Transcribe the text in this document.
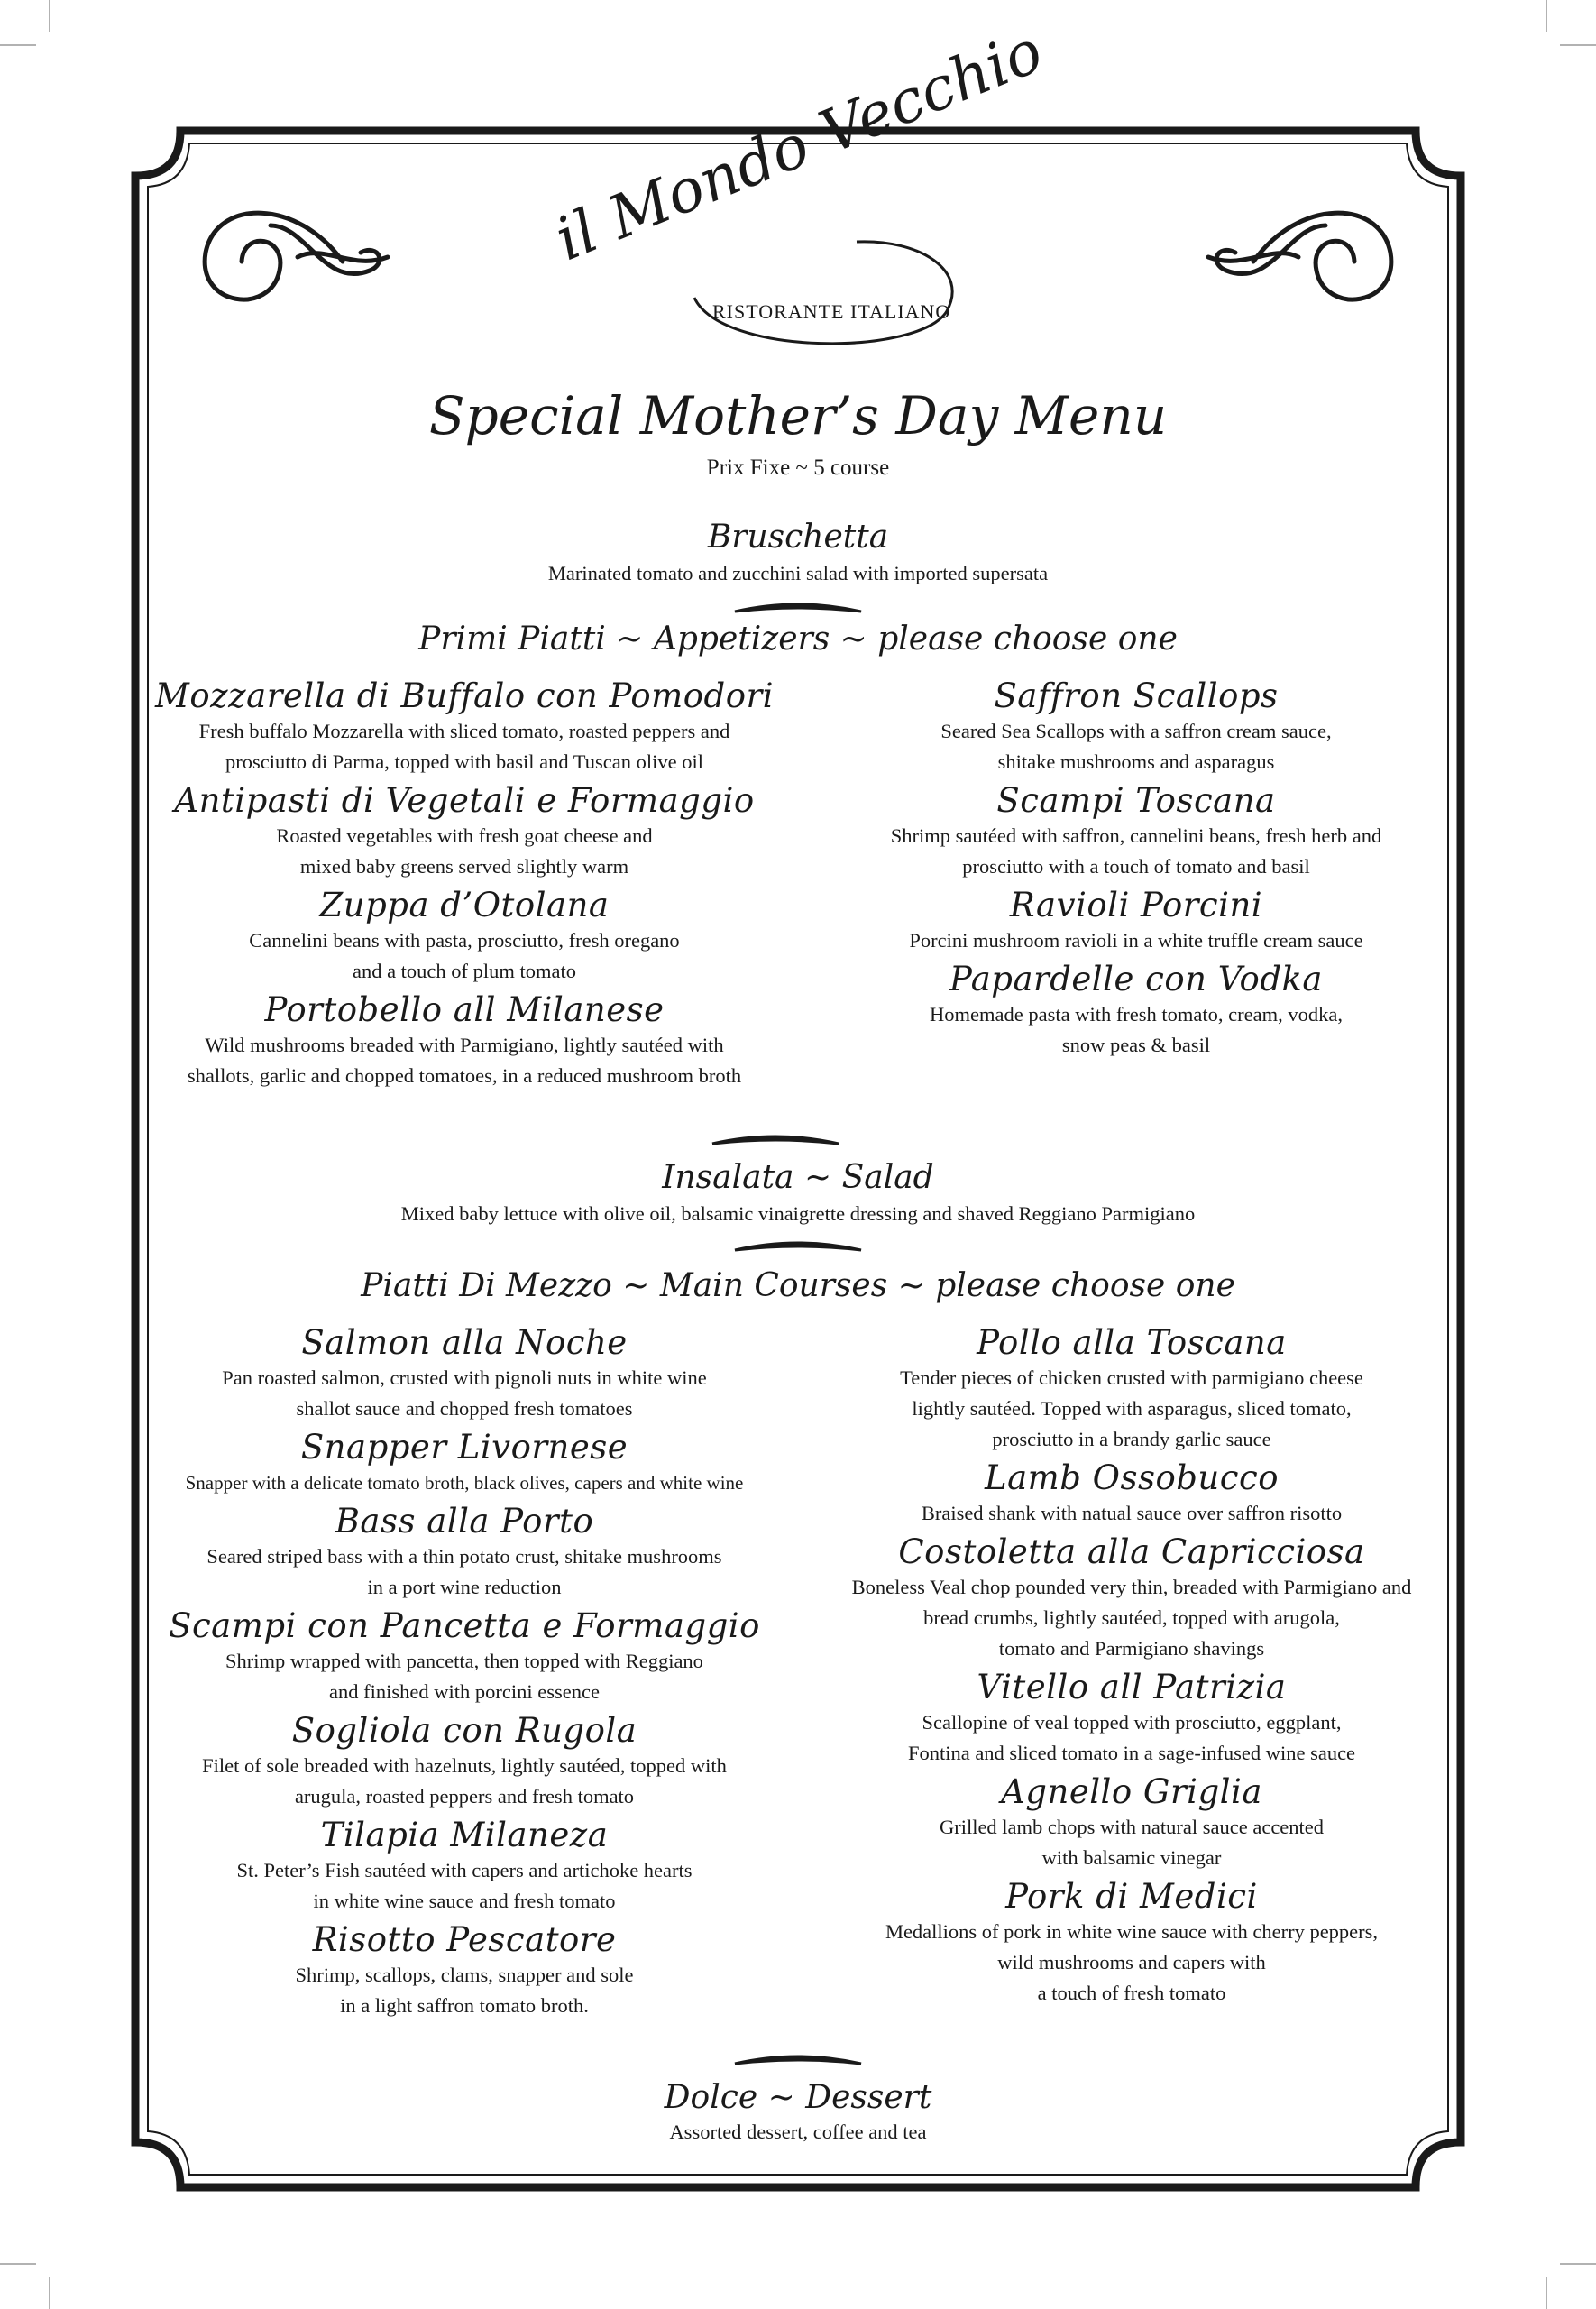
il Mondo Vecchio
RISTORANTE ITALIANO
Special Mother’s Day Menu
Prix Fixe ~ 5 course
Bruschetta
Marinated tomato and zucchini salad with imported supersata
Primi Piatti ~ Appetizers ~ please choose one
Mozzarella di Buffalo con Pomodori
Fresh buffalo Mozzarella with sliced tomato, roasted peppers and
prosciutto di Parma, topped with basil and Tuscan olive oil
Antipasti di Vegetali e Formaggio
Roasted vegetables with fresh goat cheese and
mixed baby greens served slightly warm
Zuppa d’Otolana
Cannelini beans with pasta, prosciutto, fresh oregano
and a touch of plum tomato
Portobello all Milanese
Wild mushrooms breaded with Parmigiano, lightly sautéed with
shallots, garlic and chopped tomatoes, in a reduced mushroom broth
Saffron Scallops
Seared Sea Scallops with a saffron cream sauce,
shitake mushrooms and asparagus
Scampi Toscana
Shrimp sautéed with saffron, cannelini beans, fresh herb and
prosciutto with a touch of tomato and basil
Ravioli Porcini
Porcini mushroom ravioli in a white truffle cream sauce
Papardelle con Vodka
Homemade pasta with fresh tomato, cream, vodka,
snow peas & basil
Insalata ~ Salad
Mixed baby lettuce with olive oil, balsamic vinaigrette dressing and shaved Reggiano Parmigiano
Piatti Di Mezzo ~ Main Courses ~ please choose one
Salmon alla Noche
Pan roasted salmon, crusted with pignoli nuts in white wine
shallot sauce and chopped fresh tomatoes
Snapper Livornese
Snapper with a delicate tomato broth, black olives, capers and white wine
Bass alla Porto
Seared striped bass with a thin potato crust, shitake mushrooms
in a port wine reduction
Scampi con Pancetta e Formaggio
Shrimp wrapped with pancetta, then topped with Reggiano
and finished with porcini essence
Sogliola con Rugola
Filet of sole breaded with hazelnuts, lightly sautéed, topped with
arugula, roasted peppers and fresh tomato
Tilapia Milaneza
St. Peter’s Fish sautéed with capers and artichoke hearts
in white wine sauce and fresh tomato
Risotto Pescatore
Shrimp, scallops, clams, snapper and sole
in a light saffron tomato broth.
Pollo alla Toscana
Tender pieces of chicken crusted with parmigiano cheese
lightly sautéed. Topped with asparagus, sliced tomato,
prosciutto in a brandy garlic sauce
Lamb Ossobucco
Braised shank with natual sauce over saffron risotto
Costoletta alla Capricciosa
Boneless Veal chop pounded very thin, breaded with Parmigiano and
bread crumbs, lightly sautéed, topped with arugola,
tomato and Parmigiano shavings
Vitello all Patrizia
Scallopine of veal topped with prosciutto, eggplant,
Fontina and sliced tomato in a sage-infused wine sauce
Agnello Griglia
Grilled lamb chops with natural sauce accented
with balsamic vinegar
Pork di Medici
Medallions of pork in white wine sauce with cherry peppers,
wild mushrooms and capers with
a touch of fresh tomato
Dolce ~ Dessert
Assorted dessert, coffee and tea
